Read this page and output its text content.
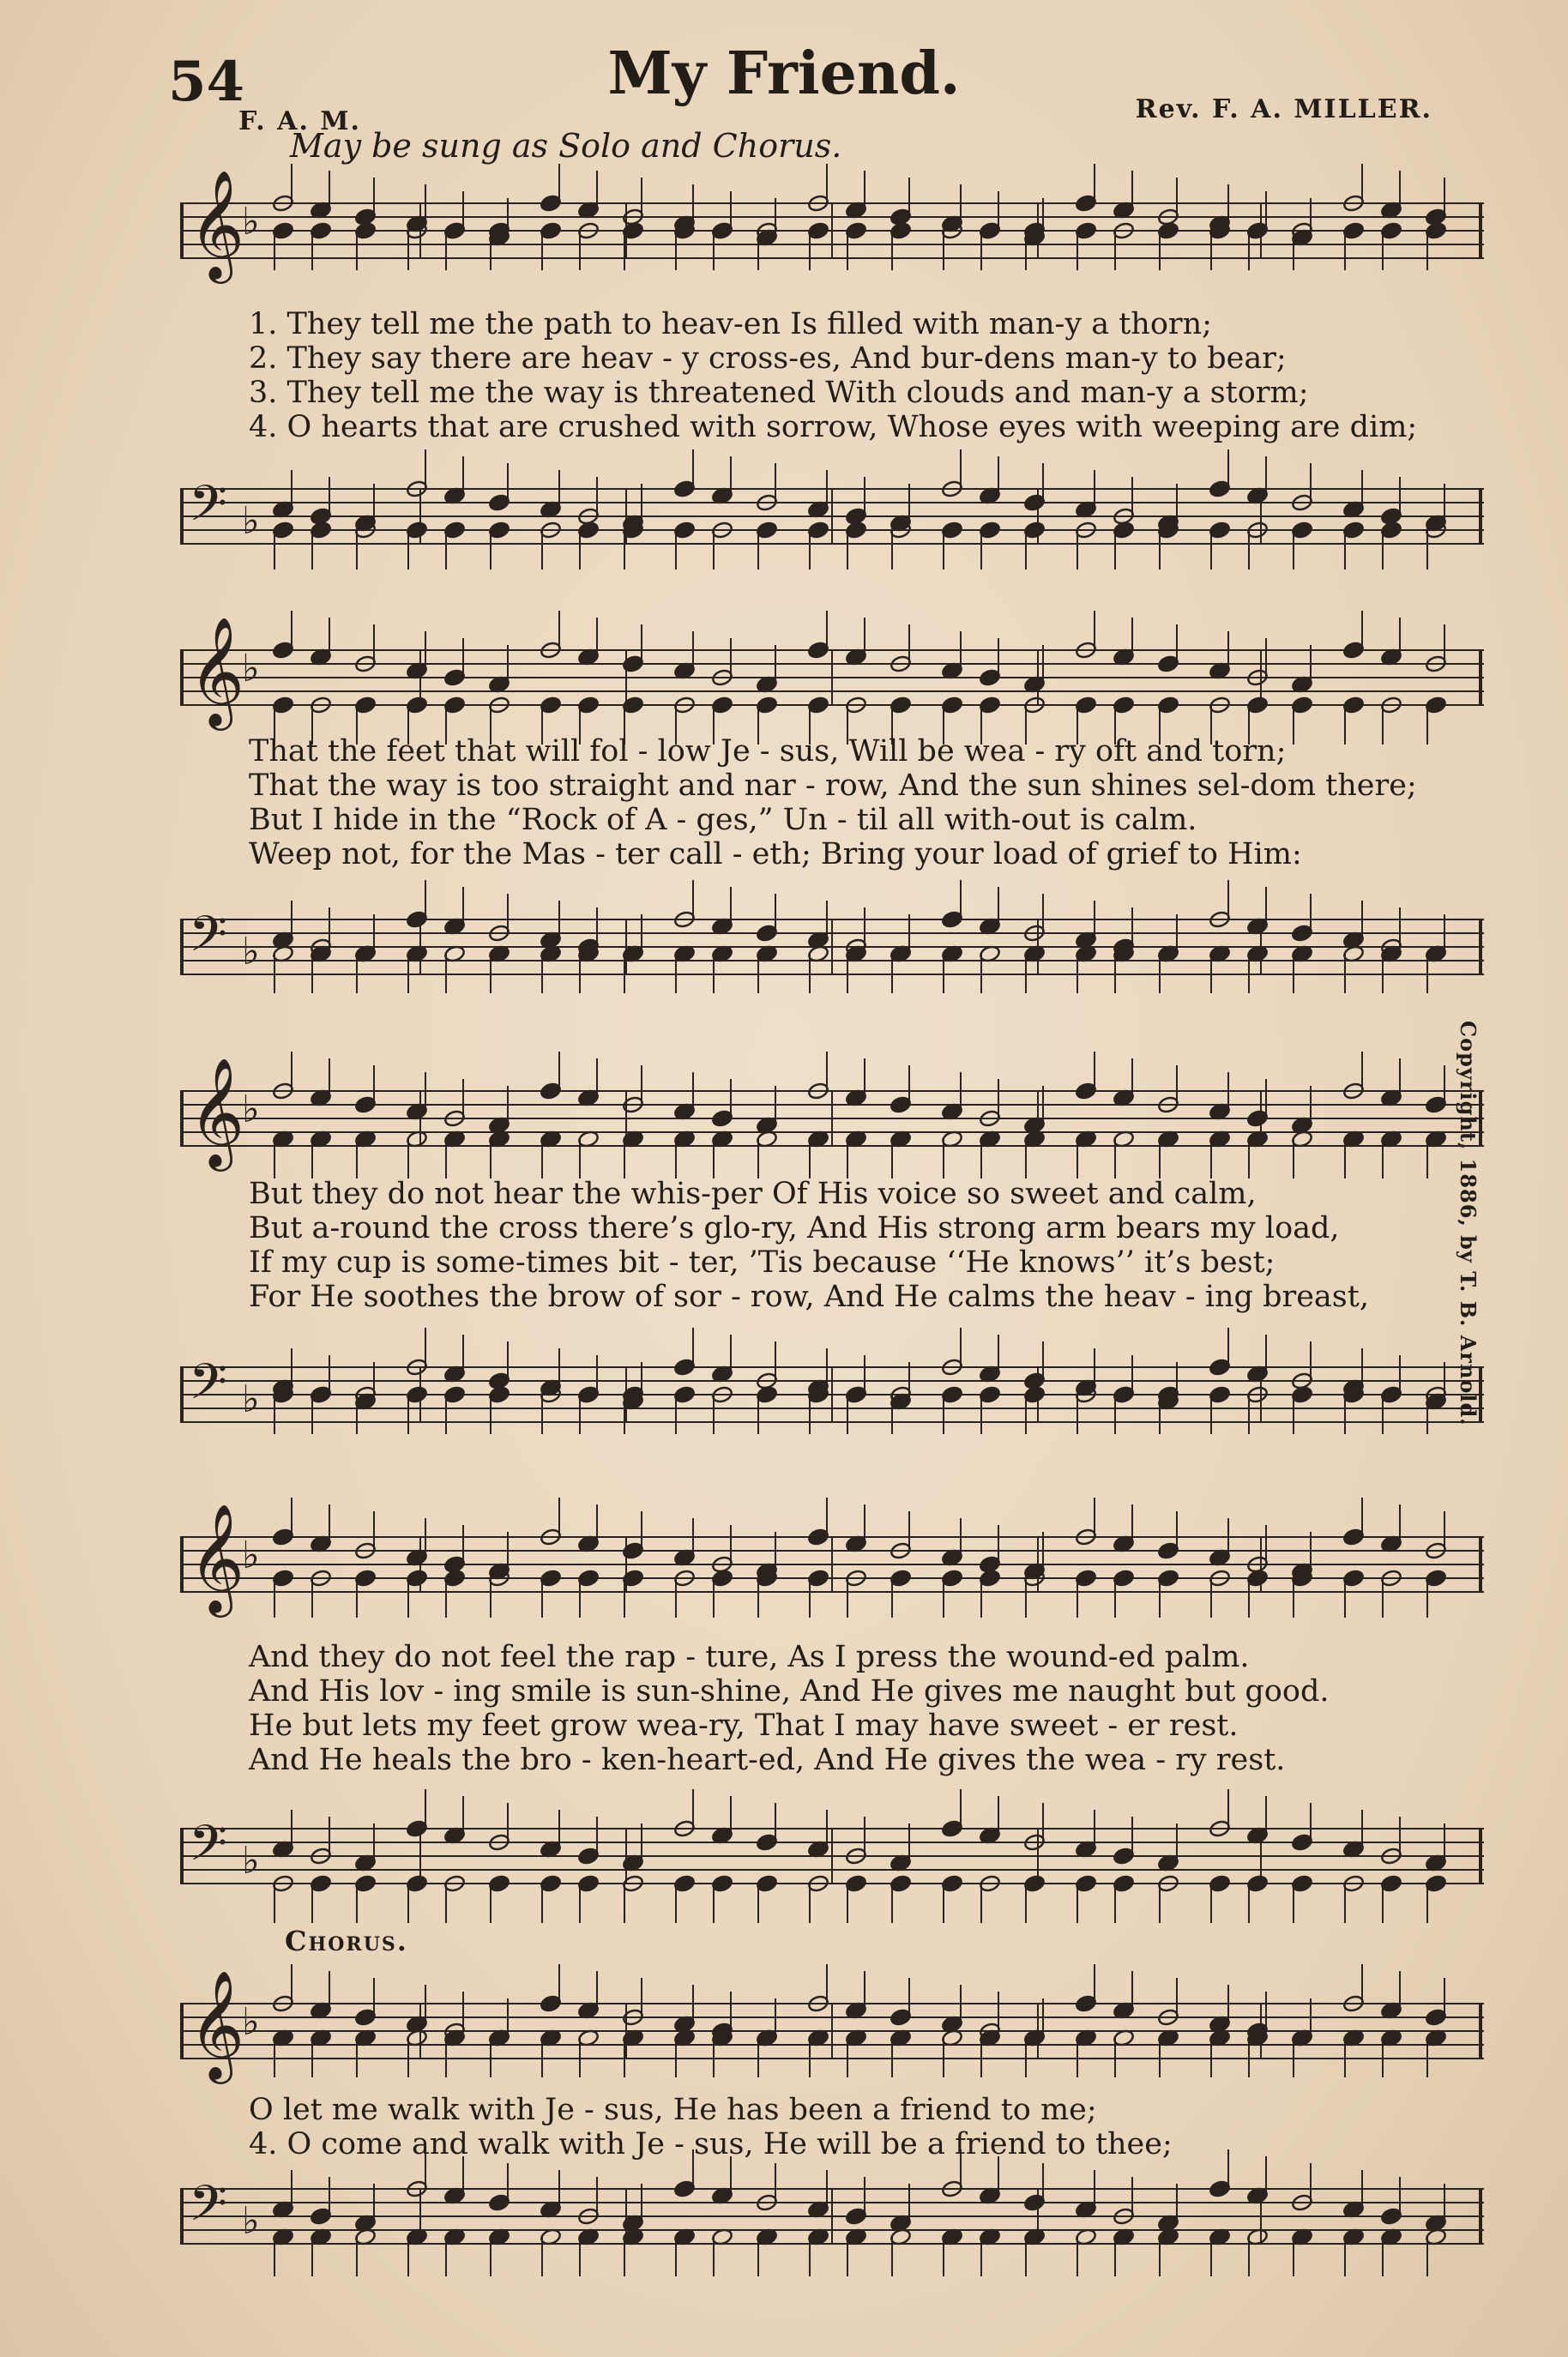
54	My Friend.
F. A. M.	Rev. F. A. MILLER.
May be sung as Solo and Chorus.
Copyright, 1886, by T. B. Arnold.
𝄞
♭
1. They tell me the path to heav-en Is filled with man-y a thorn;
2. They say there are heav - y cross-es, And bur-dens man-y to bear;
3. They tell me the way is threatened With clouds and man-y a storm;
4. O hearts that are crushed with sorrow, Whose eyes with weeping are dim;
𝄢 ♭
𝄞
♭
That the feet that will fol - low Je - sus, Will be wea - ry oft and torn;
That the way is too straight and nar - row, And the sun shines sel-dom there;
But I hide in the “Rock of A - ges,” Un - til all with-out is calm.
Weep not, for the Mas - ter call - eth; Bring your load of grief to Him:
𝄢 ♭
𝄞
♭
But they do not hear the whis-per Of His voice so sweet and calm,
But a-round the cross there’s glo-ry, And His strong arm bears my load,
If my cup is some-times bit - ter, ’Tis because ‘‘He knows’’ it’s best;
For He soothes the brow of sor - row, And He calms the heav - ing breast,
𝄢 ♭
𝄞
♭
And they do not feel the rap - ture, As I press the wound-ed palm.
And His lov - ing smile is sun-shine, And He gives me naught but good.
He but lets my feet grow wea-ry, That I may have sweet - er rest.
And He heals the bro - ken-heart-ed, And He gives the wea - ry rest.
𝄢 ♭
Chorus.
𝄞
♭
O let me walk with Je - sus, He has been a friend to me;
4. O come and walk with Je - sus, He will be a friend to thee;
𝄢 ♭
